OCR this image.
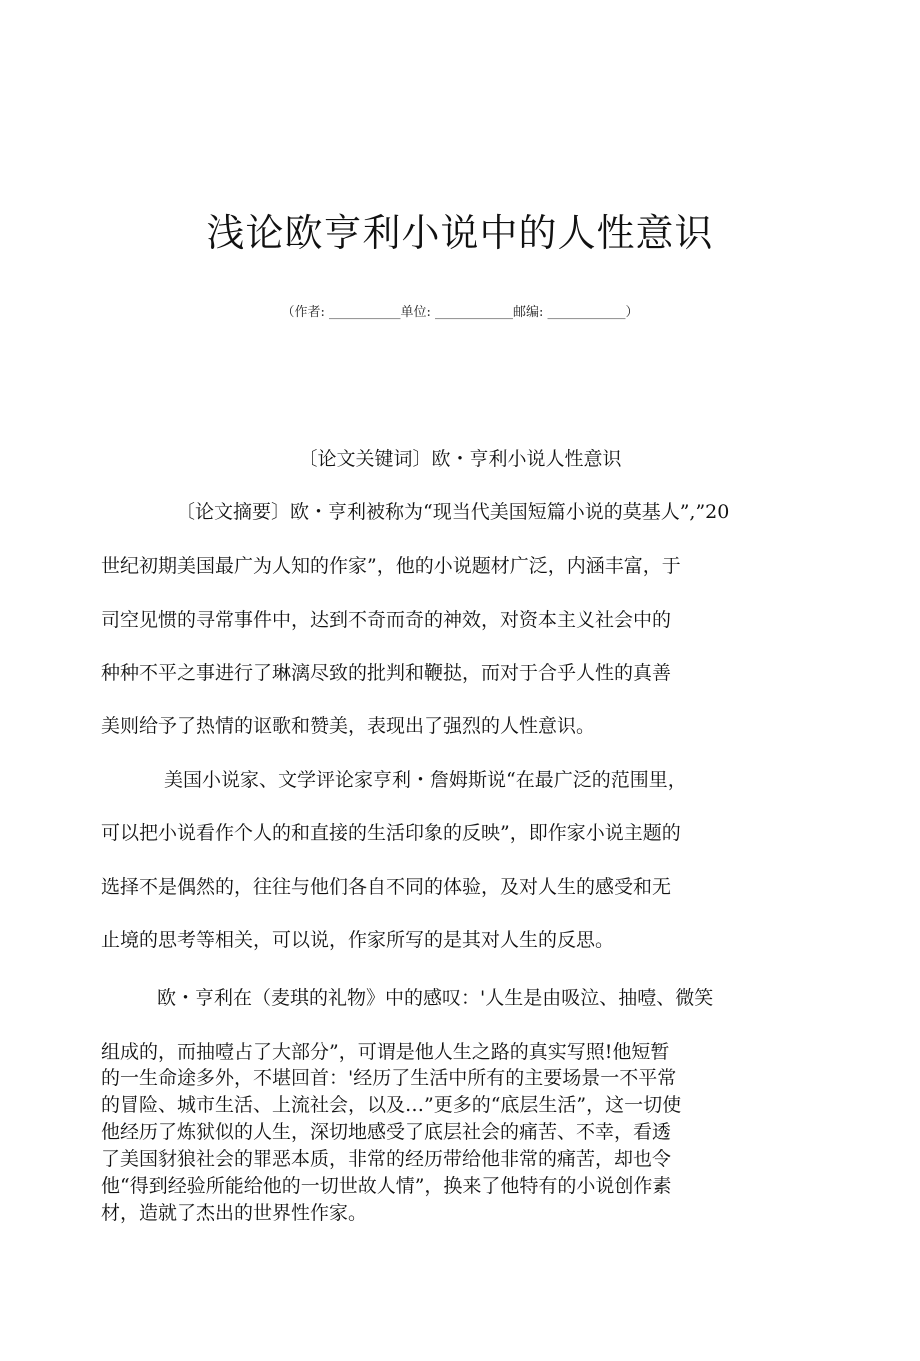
浅论欧亨利小说中的人性意识
（作者: ___________单位: ____________邮编: ____________）
〔论文关键词〕欧・亨利小说人性意识
〔论文摘要〕欧・亨利被称为“现当代美国短篇小说的莫基人”,”20
世纪初期美国最广为人知的作家”，他的小说题材广泛，内涵丰富，于
司空见惯的寻常事件中，达到不奇而奇的神效，对资本主义社会中的
种种不平之事进行了琳漓尽致的批判和鞭挞，而对于合乎人性的真善
美则给予了热情的讴歌和赞美，表现出了强烈的人性意识。
美国小说家、文学评论家亨利・詹姆斯说“在最广泛的范围里，
可以把小说看作个人的和直接的生活印象的反映”，即作家小说主题的
选择不是偶然的，往往与他们各自不同的体验，及对人生的感受和无
止境的思考等相关，可以说，作家所写的是其对人生的反思。
欧・亨利在（麦琪的礼物》中的感叹：'人生是由吸泣、抽噎、微笑
组成的，而抽噎占了大部分”，可谓是他人生之路的真实写照!他短暂
的一生命途多外，不堪回首：'经历了生活中所有的主要场景一不平常
的冒险、城市生活、上流社会，以及…”更多的“底层生活”，这一切使
他经历了炼狱似的人生，深切地感受了底层社会的痛苦、不幸，看透
了美国豺狼社会的罪恶本质，非常的经历带给他非常的痛苦，却也令
他“得到经验所能给他的一切世故人情”，换来了他特有的小说创作素
材，造就了杰出的世界性作家。
